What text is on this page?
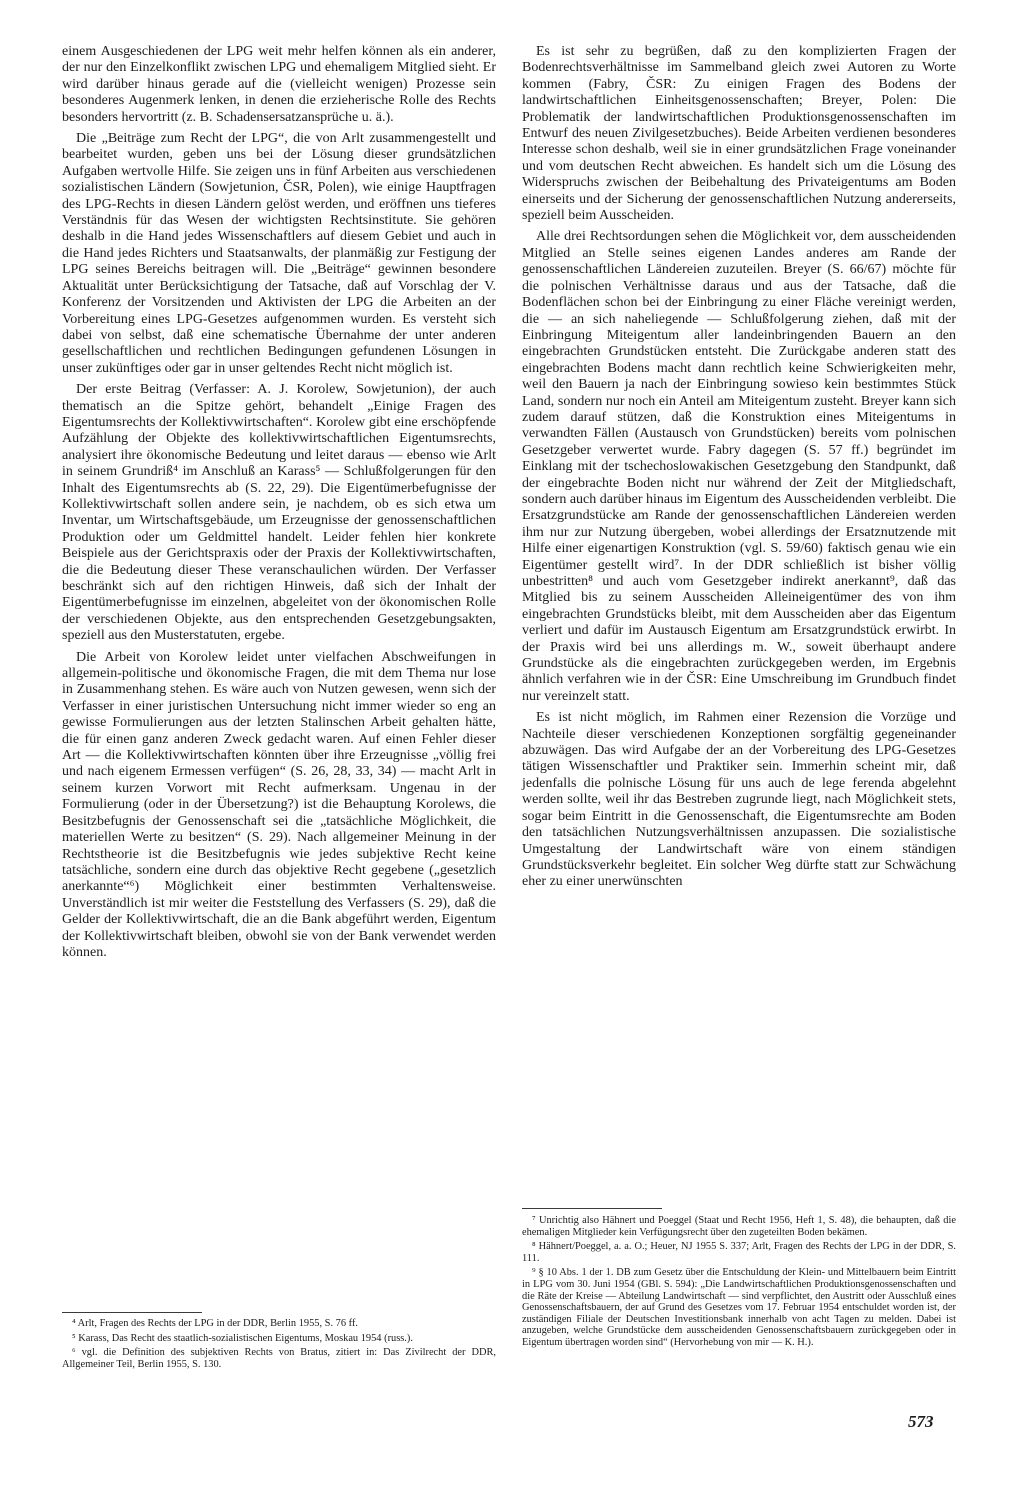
einem Ausgeschiedenen der LPG weit mehr helfen können als ein anderer, der nur den Einzelkonflikt zwischen LPG und ehemaligem Mitglied sieht. Er wird darüber hinaus gerade auf die (vielleicht wenigen) Prozesse sein besonderes Augenmerk lenken, in denen die erzieherische Rolle des Rechts besonders hervortritt (z. B. Schadensersatzansprüche u. ä.).

Die „Beiträge zum Recht der LPG“, die von Arlt zusammengestellt und bearbeitet wurden, geben uns bei der Lösung dieser grundsätzlichen Aufgaben wertvolle Hilfe. Sie zeigen uns in fünf Arbeiten aus verschiedenen sozialistischen Ländern (Sowjetunion, ČSR, Polen), wie einige Hauptfragen des LPG-Rechts in diesen Ländern gelöst werden, und eröffnen uns tieferes Verständnis für das Wesen der wichtigsten Rechtsinstitute. Sie gehören deshalb in die Hand jedes Wissenschaftlers auf diesem Gebiet und auch in die Hand jedes Richters und Staatsanwalts, der planmäßig zur Festigung der LPG seines Bereichs beitragen will. Die „Beiträge“ gewinnen besondere Aktualität unter Berücksichtigung der Tatsache, daß auf Vorschlag der V. Konferenz der Vorsitzenden und Aktivisten der LPG die Arbeiten an der Vorbereitung eines LPG-Gesetzes aufgenommen wurden. Es versteht sich dabei von selbst, daß eine schematische Übernahme der unter anderen gesellschaftlichen und rechtlichen Bedingungen gefundenen Lösungen in unser zukünftiges oder gar in unser geltendes Recht nicht möglich ist.

Der erste Beitrag (Verfasser: A. J. Korolew, Sowjetunion), der auch thematisch an die Spitze gehört, behandelt „Einige Fragen des Eigentumsrechts der Kollektivwirtschaften“. Korolew gibt eine erschöpfende Aufzählung der Objekte des kollektivwirtschaftlichen Eigentumsrechts, analysiert ihre ökonomische Bedeutung und leitet daraus — ebenso wie Arlt in seinem Grundriß⁴ im Anschluß an Karass⁵ — Schlußfolgerungen für den Inhalt des Eigentumsrechts ab (S. 22, 29). Die Eigentümerbefugnisse der Kollektivwirtschaft sollen andere sein, je nachdem, ob es sich etwa um Inventar, um Wirtschaftsgebäude, um Erzeugnisse der genossenschaftlichen Produktion oder um Geldmittel handelt. Leider fehlen hier konkrete Beispiele aus der Gerichtspraxis oder der Praxis der Kollektivwirtschaften, die die Bedeutung dieser These veranschaulichen würden. Der Verfasser beschränkt sich auf den richtigen Hinweis, daß sich der Inhalt der Eigentümerbefugnisse im einzelnen, abgeleitet von der ökonomischen Rolle der verschiedenen Objekte, aus den entsprechenden Gesetzgebungsakten, speziell aus den Musterstatuten, ergebe.

Die Arbeit von Korolew leidet unter vielfachen Abschweifungen in allgemein-politische und ökonomische Fragen, die mit dem Thema nur lose in Zusammenhang stehen. Es wäre auch von Nutzen gewesen, wenn sich der Verfasser in einer juristischen Untersuchung nicht immer wieder so eng an gewisse Formulierungen aus der letzten Stalinschen Arbeit gehalten hätte, die für einen ganz anderen Zweck gedacht waren. Auf einen Fehler dieser Art — die Kollektivwirtschaften könnten über ihre Erzeugnisse „völlig frei und nach eigenem Ermessen verfügen“ (S. 26, 28, 33, 34) — macht Arlt in seinem kurzen Vorwort mit Recht aufmerksam. Ungenau in der Formulierung (oder in der Übersetzung?) ist die Behauptung Korolews, die Besitzbefugnis der Genossenschaft sei die „tatsächliche Möglichkeit, die materiellen Werte zu besitzen“ (S. 29). Nach allgemeiner Meinung in der Rechtstheorie ist die Besitzbefugnis wie jedes subjektive Recht keine tatsächliche, sondern eine durch das objektive Recht gegebene („gesetzlich anerkannte“⁶) Möglichkeit einer bestimmten Verhaltensweise. Unverständlich ist mir weiter die Feststellung des Verfassers (S. 29), daß die Gelder der Kollektivwirtschaft, die an die Bank abgeführt werden, Eigentum der Kollektivwirtschaft bleiben, obwohl sie von der Bank verwendet werden können.

Es ist sehr zu begrüßen, daß zu den komplizierten Fragen der Bodenrechtsverhältnisse im Sammelband gleich zwei Autoren zu Worte kommen (Fabry, ČSR: Zu einigen Fragen des Bodens der landwirtschaftlichen Einheitsgenossenschaften; Breyer, Polen: Die Problematik der landwirtschaftlichen Produktionsgenossenschaften im Entwurf des neuen Zivilgesetzbuches). Beide Arbeiten verdienen besonderes Interesse schon deshalb, weil sie in einer grundsätzlichen Frage voneinander und vom deutschen Recht abweichen. Es handelt sich um die Lösung des Widerspruchs zwischen der Beibehaltung des Privateigentums am Boden einerseits und der Sicherung der genossenschaftlichen Nutzung andererseits, speziell beim Ausscheiden.

Alle drei Rechtsordungen sehen die Möglichkeit vor, dem ausscheidenden Mitglied an Stelle seines eigenen Landes anderes am Rande der genossenschaftlichen Ländereien zuzuteilen. Breyer (S. 66/67) möchte für die polnischen Verhältnisse daraus und aus der Tatsache, daß die Bodenflächen schon bei der Einbringung zu einer Fläche vereinigt werden, die — an sich naheliegende — Schlußfolgerung ziehen, daß mit der Einbringung Miteigentum aller landeinbringenden Bauern an den eingebrachten Grundstücken entsteht. Die Zurückgabe anderen statt des eingebrachten Bodens macht dann rechtlich keine Schwierigkeiten mehr, weil den Bauern ja nach der Einbringung sowieso kein bestimmtes Stück Land, sondern nur noch ein Anteil am Miteigentum zusteht. Breyer kann sich zudem darauf stützen, daß die Konstruktion eines Miteigentums in verwandten Fällen (Austausch von Grundstücken) bereits vom polnischen Gesetzgeber verwertet wurde. Fabry dagegen (S. 57 ff.) begründet im Einklang mit der tschechoslowakischen Gesetzgebung den Standpunkt, daß der eingebrachte Boden nicht nur während der Zeit der Mitgliedschaft, sondern auch darüber hinaus im Eigentum des Ausscheidenden verbleibt. Die Ersatzgrundstücke am Rande der genossenschaftlichen Ländereien werden ihm nur zur Nutzung übergeben, wobei allerdings der Ersatznutzende mit Hilfe einer eigenartigen Konstruktion (vgl. S. 59/60) faktisch genau wie ein Eigentümer gestellt wird⁷. In der DDR schließlich ist bisher völlig unbestritten⁸ und auch vom Gesetzgeber indirekt anerkannt⁹, daß das Mitglied bis zu seinem Ausscheiden Alleineigentümer des von ihm eingebrachten Grundstücks bleibt, mit dem Ausscheiden aber das Eigentum verliert und dafür im Austausch Eigentum am Ersatzgrundstück erwirbt. In der Praxis wird bei uns allerdings m. W., soweit überhaupt andere Grundstücke als die eingebrachten zurückgegeben werden, im Ergebnis ähnlich verfahren wie in der ČSR: Eine Umschreibung im Grundbuch findet nur vereinzelt statt.

Es ist nicht möglich, im Rahmen einer Rezension die Vorzüge und Nachteile dieser verschiedenen Konzeptionen sorgfältig gegeneinander abzuwägen. Das wird Aufgabe der an der Vorbereitung des LPG-Gesetzes tätigen Wissenschaftler und Praktiker sein. Immerhin scheint mir, daß jedenfalls die polnische Lösung für uns auch de lege ferenda abgelehnt werden sollte, weil ihr das Bestreben zugrunde liegt, nach Möglichkeit stets, sogar beim Eintritt in die Genossenschaft, die Eigentumsrechte am Boden den tatsächlichen Nutzungsverhältnissen anzupassen. Die sozialistische Umgestaltung der Landwirtschaft wäre von einem ständigen Grundstücksverkehr begleitet. Ein solcher Weg dürfte statt zur Schwächung eher zu einer unerwünschten

⁴ Arlt, Fragen des Rechts der LPG in der DDR, Berlin 1955, S. 76 ff.

⁵ Karass, Das Recht des staatlich-sozialistischen Eigentums, Moskau 1954 (russ.).

⁶ vgl. die Definition des subjektiven Rechts von Bratus, zitiert in: Das Zivilrecht der DDR, Allgemeiner Teil, Berlin 1955, S. 130.

⁷ Unrichtig also Hähnert und Poeggel (Staat und Recht 1956, Heft 1, S. 48), die behaupten, daß die ehemaligen Mitglieder kein Verfügungsrecht über den zugeteilten Boden bekämen.

⁸ Hähnert/Poeggel, a. a. O.; Heuer, NJ 1955 S. 337; Arlt, Fragen des Rechts der LPG in der DDR, S. 111.

⁹ § 10 Abs. 1 der 1. DB zum Gesetz über die Entschuldung der Klein- und Mittelbauern beim Eintritt in LPG vom 30. Juni 1954 (GBl. S. 594): „Die Landwirtschaftlichen Produktionsgenossenschaften und die Räte der Kreise — Abteilung Landwirtschaft — sind verpflichtet, den Austritt oder Ausschluß eines Genossenschaftsbauern, der auf Grund des Gesetzes vom 17. Februar 1954 entschuldet worden ist, der zuständigen Filiale der Deutschen Investitionsbank innerhalb von acht Tagen zu melden. Dabei ist anzugeben, welche Grundstücke dem ausscheidenden Genossenschaftsbauern zurückgegeben oder in Eigentum übertragen worden sind“ (Hervorhebung von mir — K. H.).

573
